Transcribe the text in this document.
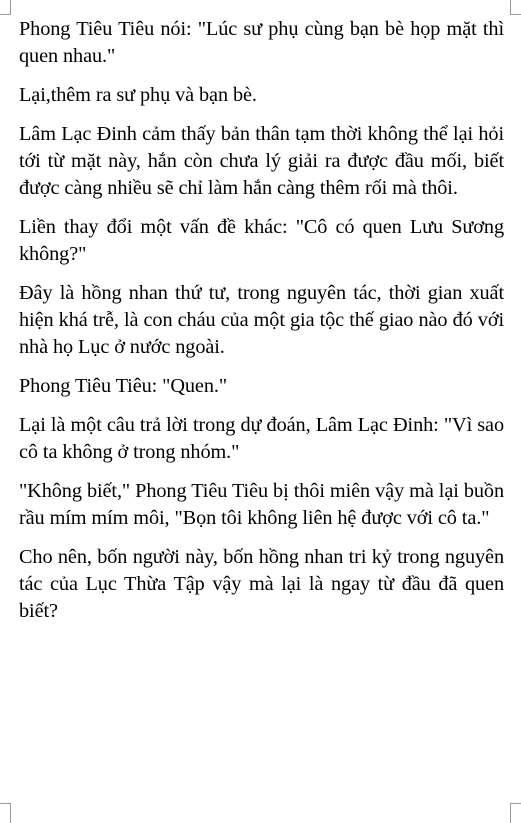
Phong Tiêu Tiêu nói: "Lúc sư phụ cùng bạn bè họp mặt thì quen nhau."

Lại,thêm ra sư phụ và bạn bè.

Lâm Lạc Đinh cảm thấy bản thân tạm thời không thể lại hỏi tới từ mặt này, hắn còn chưa lý giải ra được đầu mối, biết được càng nhiều sẽ chỉ làm hắn càng thêm rối mà thôi.

Liền thay đổi một vấn đề khác: "Cô có quen Lưu Sương không?"

Đây là hồng nhan thứ tư, trong nguyên tác, thời gian xuất hiện khá trễ, là con cháu của một gia tộc thế giao nào đó với nhà họ Lục ở nước ngoài.

Phong Tiêu Tiêu: "Quen."

Lại là một câu trả lời trong dự đoán, Lâm Lạc Đinh: "Vì sao cô ta không ở trong nhóm."

"Không biết," Phong Tiêu Tiêu bị thôi miên vậy mà lại buồn rầu mím mím môi, "Bọn tôi không liên hệ được với cô ta."

Cho nên, bốn người này, bốn hồng nhan tri kỷ trong nguyên tác của Lục Thừa Tập vậy mà lại là ngay từ đầu đã quen biết?
